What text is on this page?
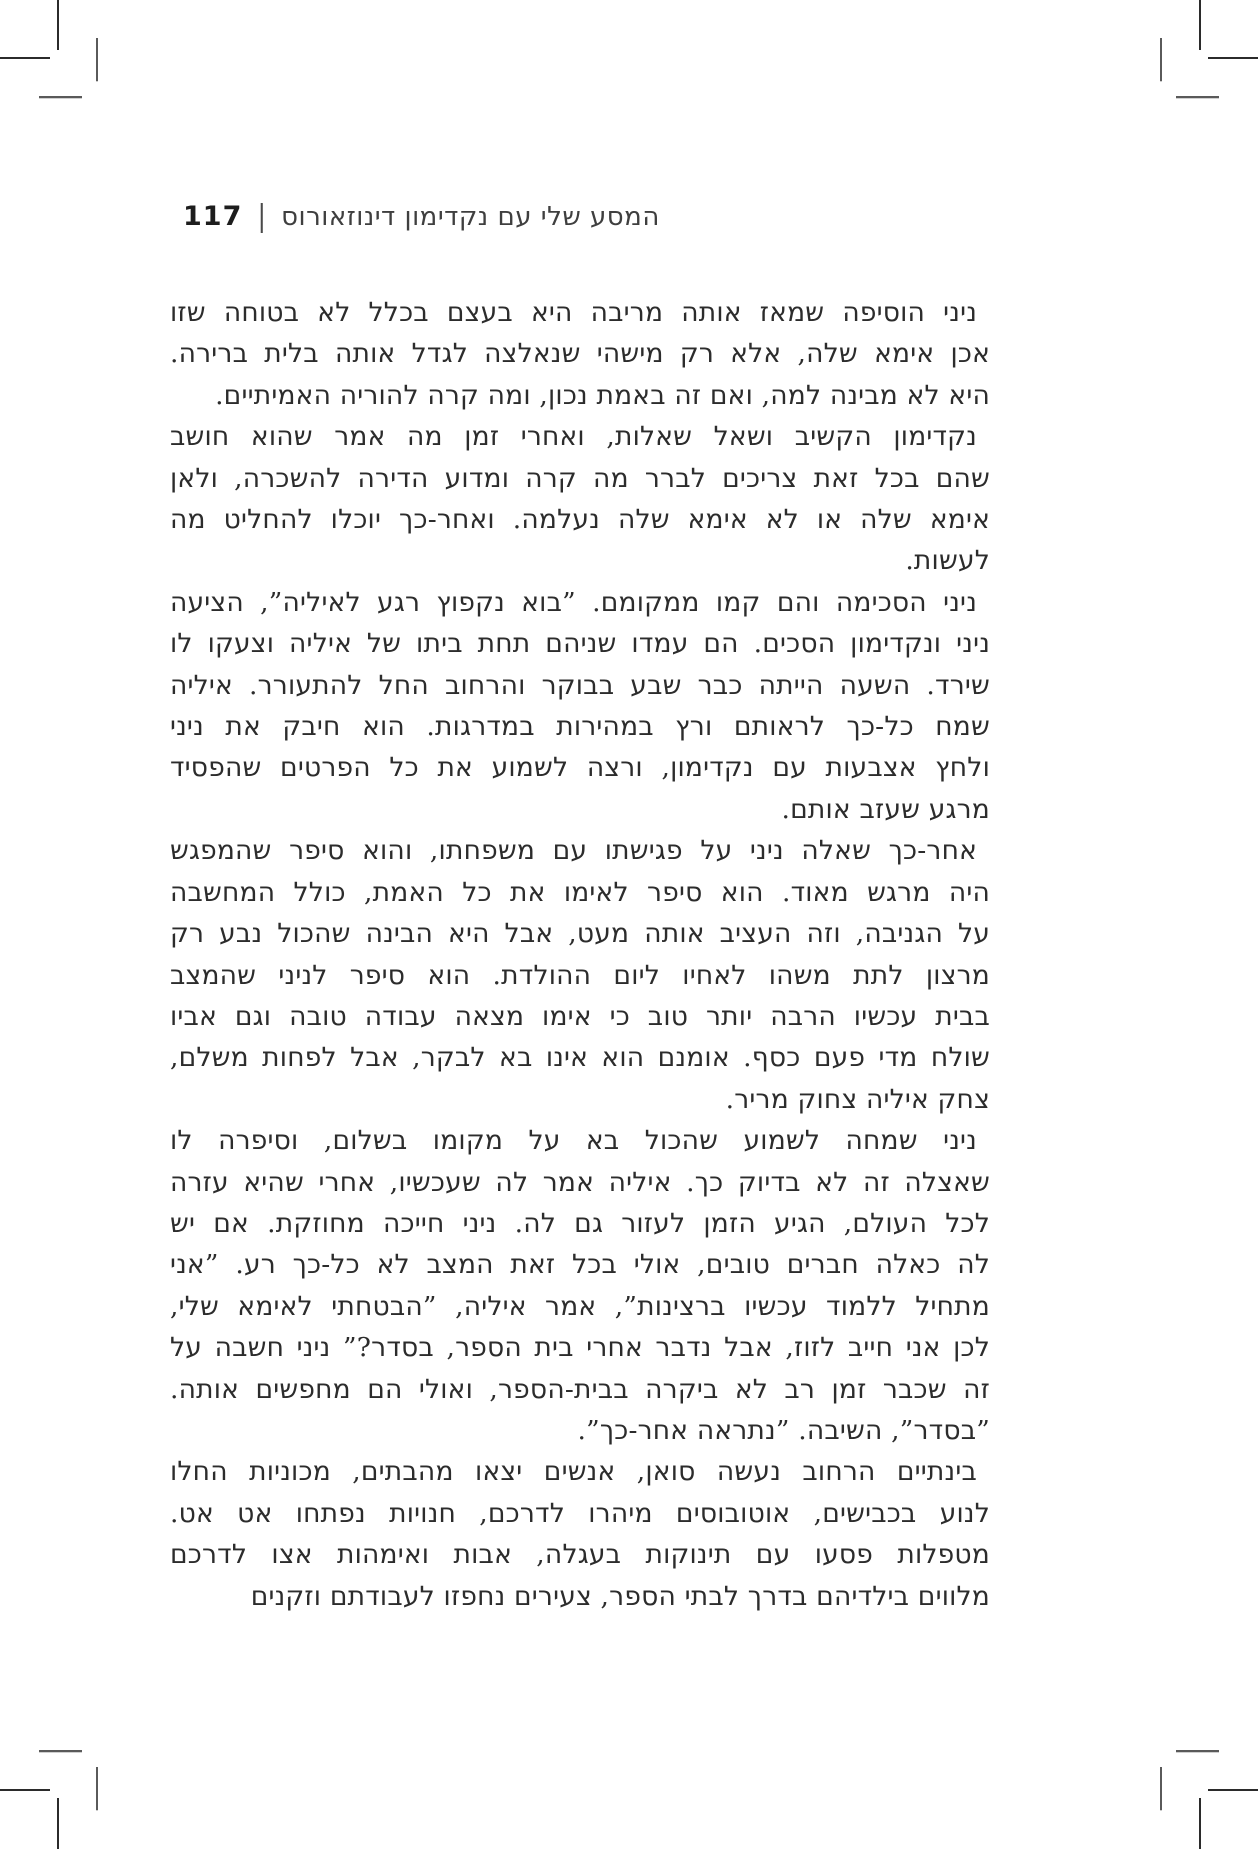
המסע שלי עם נקדימון דינוזאורוס|117

ניני הוסיפה שמאז אותה מריבה היא בעצם בכלל לא בטוחה שזו
אכן אימא שלה, אלא רק מישהי שנאלצה לגדל אותה בלית ברירה.
היא לא מבינה למה, ואם זה באמת נכון, ומה קרה להוריה האמיתיים.

נקדימון הקשיב ושאל שאלות, ואחרי זמן מה אמר שהוא חושב
שהם בכל זאת צריכים לברר מה קרה ומדוע הדירה להשכרה, ולאן
אימא שלה או לא אימא שלה נעלמה. ואחר-כך יוכלו להחליט מה
לעשות.

ניני הסכימה והם קמו ממקומם. ”בוא נקפוץ רגע לאיליה”, הציעה
ניני ונקדימון הסכים. הם עמדו שניהם תחת ביתו של איליה וצעקו לו
שירד. השעה הייתה כבר שבע בבוקר והרחוב החל להתעורר. איליה
שמח כל-כך לראותם ורץ במהירות במדרגות. הוא חיבק את ניני
ולחץ אצבעות עם נקדימון, ורצה לשמוע את כל הפרטים שהפסיד
מרגע שעזב אותם.

אחר-כך שאלה ניני על פגישתו עם משפחתו, והוא סיפר שהמפגש
היה מרגש מאוד. הוא סיפר לאימו את כל האמת, כולל המחשבה
על הגניבה, וזה העציב אותה מעט, אבל היא הבינה שהכול נבע רק
מרצון לתת משהו לאחיו ליום ההולדת. הוא סיפר לניני שהמצב
בבית עכשיו הרבה יותר טוב כי אימו מצאה עבודה טובה וגם אביו
שולח מדי פעם כסף. אומנם הוא אינו בא לבקר, אבל לפחות משלם,
צחק איליה צחוק מריר.

ניני שמחה לשמוע שהכול בא על מקומו בשלום, וסיפרה לו
שאצלה זה לא בדיוק כך. איליה אמר לה שעכשיו, אחרי שהיא עזרה
לכל העולם, הגיע הזמן לעזור גם לה. ניני חייכה מחוזקת. אם יש
לה כאלה חברים טובים, אולי בכל זאת המצב לא כל-כך רע. ”אני
מתחיל ללמוד עכשיו ברצינות”, אמר איליה, ”הבטחתי לאימא שלי,
לכן אני חייב לזוז, אבל נדבר אחרי בית הספר, בסדר?” ניני חשבה על
זה שכבר זמן רב לא ביקרה בבית-הספר, ואולי הם מחפשים אותה.
”בסדר”, השיבה. ”נתראה אחר-כך”.

בינתיים הרחוב נעשה סואן, אנשים יצאו מהבתים, מכוניות החלו
לנוע בכבישים, אוטובוסים מיהרו לדרכם, חנויות נפתחו אט אט.
מטפלות פסעו עם תינוקות בעגלה, אבות ואימהות אצו לדרכם
מלווים בילדיהם בדרך לבתי הספר, צעירים נחפזו לעבודתם וזקנים
